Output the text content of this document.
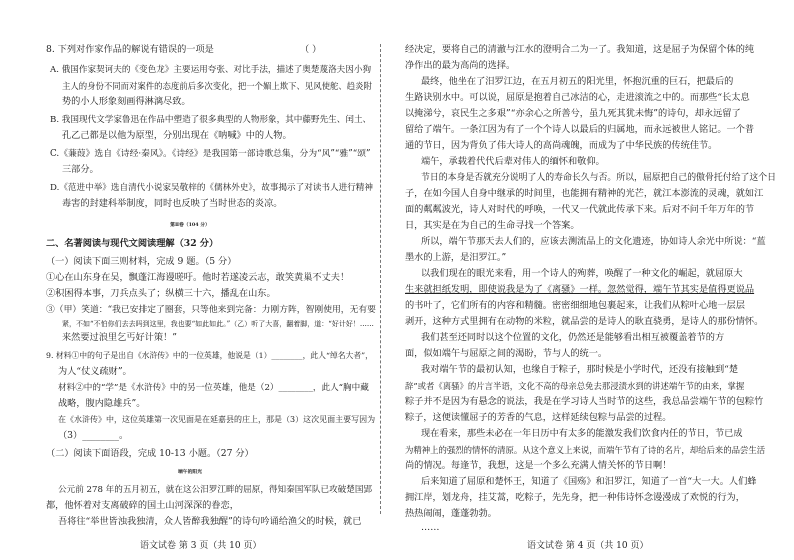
8. 下列对作家作品的解说有错误的一项是	（ ）
A. 俄国作家契诃夫的《变色龙》主要运用夸张、对比手法，描述了奥楚蔑洛夫因小狗
主人的身份不同而对案件的态度前后多次变化，把一个媚上欺下、见风使舵、趋炎附
势的小人形象刻画得淋漓尽致。
B. 我国现代文学家鲁迅在作品中塑造了很多典型的人物形象，其中藤野先生、闰土、
孔乙己都是以他为原型，分别出现在《呐喊》中的人物。
C.《蒹葭》选自《诗经·秦风》。《诗经》是我国第一部诗歌总集，分为“风”“雅”“颂”
三部分。
D.《范进中举》选自清代小说家吴敬梓的《儒林外史》，故事揭示了对读书人进行精神
毒害的封建科举制度，同时也反映了当时世态的炎凉。
第Ⅱ卷（104 分）
二、名著阅读与现代文阅读理解（32 分）
（一）阅读下面三则材料，完成 9 题。（5 分）
①心在山东身在吴，飘蓬江海谩嗟吁。他时若遂凌云志，敢笑黄巢不丈夫！
②积困得本事，刀兵点头了；纵横三十六，播乱在山东。
③（甲）笑道：“我已安排定了圈套，只等他来到完备：力刚方阵，智刚使用，无有要
紧，不如“不怕你们去去吗到这里，我也要“如此如此。”（乙）听了大喜，翻着脚，道：“好计好！……
来然要过浪里乞丐好计策！”
9. 材料①中的句子是出自《水浒传》中的一位英雄，他说是（1）________，此人“绰名大者”，
为人“仗义疏财”。
材料②中的“学”是《水浒传》中的另一位英雄，他是（2）________，此人“胸中藏
战略，腹内隐雄兵”。
在《水浒传》中，这位英雄第一次见面是在延嘉县的庄上，那是（3）这次见面主要写因为
（3）________。
（二）阅读下面语段，完成 10-13 小题。（27 分）
端午的阳光
公元前 278 年的五月初五，就在这公汨罗江畔的屈原，得知秦国军队已攻破楚国郢
都，他怀着对支离破碎的国土山河深深的眷恋，
吾将往“举世皆浊我独清，众人皆醉我独醒”的诗句吟诵给渔父的时候，就已
语文试卷 第 3 页（共 10 页）
经决定，要将自己的清澈与江水的澄明合二为一了。我知道，这是屈子为保留个体的纯
净作出的最为高尚的选择。
最终，他坐在了汨罗江边，在五月初五的阳光里，怀抱沉重的巨石，把最后的
生路诀别水中。可以说，屈原是抱着自己冰洁的心，走进滚流之中的。而那些“长太息
以掩涕兮，哀民生之多艰”“亦余心之所善兮，虽九死其犹未悔”的诗句，却永远留了
留给了端午。一条江因为有了一个个诗人以最后的归属地，而永远被世人铭记。一个普
通的节日，因为背负了伟大诗人的高尚魂魄，而成为了中华民族的传统佳节。
端午，承载着代代后辈对伟人的缅怀和敬仰。
节日的本身是否就充分说明了人的寿命长久与否。所以，屈原把自己的傲骨托付给了这个日
子，在如今国人自身中继承的时间里，也能拥有精神的光芒，就江本澎流的灵魂，就如江
面的粼粼波光，诗人对时代的呼唤，一代又一代就此传承下来。后对不问千年万年的节
日，其实是在为自己的生命寻找一个答案。
所以，端午节那天去人们的，应该去测流品上的文化遗迹，协如诗人余光中所说：“蓝
墨水的上游，是汨罗江。”
以我们现在的眼光来看，用一个诗人的殉葬，唤醒了一种文化的崛起，就屈原大
生来就担纸发明，即使说我是为了《离骚》一样。忽然觉得，端午节其实是值得更说品
的书叶了，它们所有的内容和精髓。密密细细地包裹起来，让我们从粽叶心地一层层
剥开，这种方式里拥有在动物的米粒，就品尝的是诗人的耿直骁勇，是诗人的那份情怀。
我们甚至还同时以这个位置的文化，仍然还是能够看出相互被覆盖着节的方
面，似如端午与屈原之间的渴盼，节与人的统一。
我对端午节的最初认知，也缘自于粽子，那时候是小学时代，还没有接触到“楚
辞”或者《离骚》的片言半语，文化不高的母亲总免去那浸渍水到的讲述端午节的由来，掌握
粽子并不是因为有悬念的说法，我是在学习诗人当时节的这些，我总品尝端午节的包粽竹
粽子，这便读懂屈子的芳香的气息，这样延续包粽与品尝的过程。
现在看来，那些未必在一年日历中有太多的能激发我们饮食内任的节日，节已成
为精神上的强烈的情怀的清原。从这个意义上来说，而端午节有了诗的名片，却给后来的品尝生活
尚的情况。每逢节，我想，这是一个多么充满人情关怀的节日啊！
后来知道了屈原和楚怀王，知道了《国殇》和汨罗江，知道了一首“大一大。人们蜂
拥江岸，划龙舟，挂艾蒿，吃粽子，先先身，把一种伟诗怀念谩漫成了欢悦的行为，
热热闹闹，蓬蓬勃勃。
……
语文试卷 第 4 页（共 10 页）
